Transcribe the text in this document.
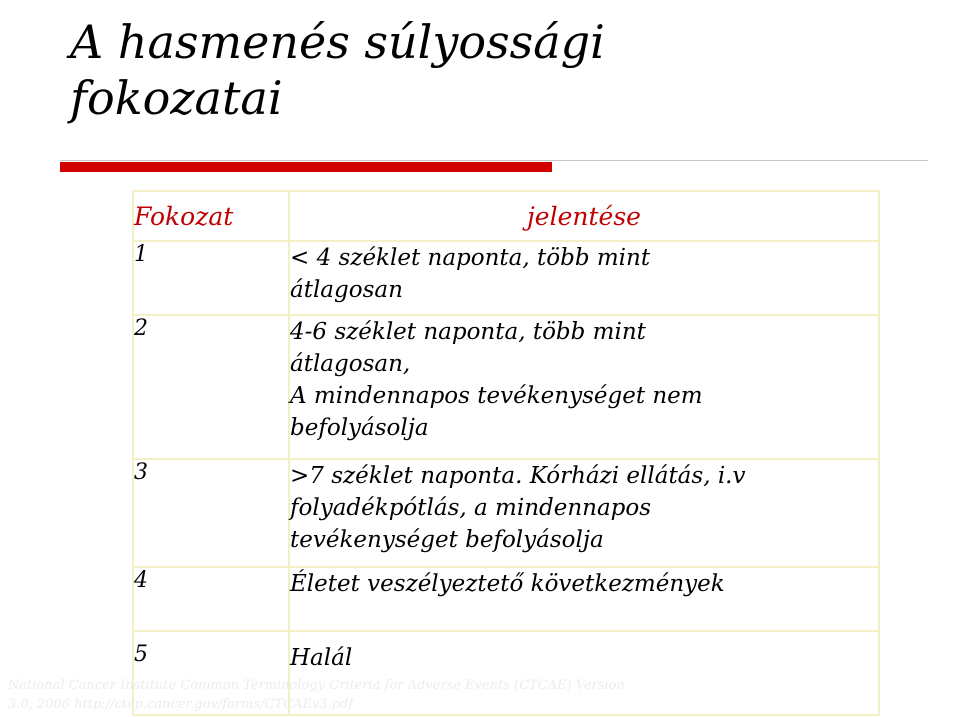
A hasmenés súlyossági
fokozatai
Fokozat	jelentése
1	< 4 széklet naponta, több mint
átlagosan

2	4-6 széklet naponta, több mint
átlagosan,
A mindennapos tevékenységet nem
befolyásolja

3	>7 széklet naponta. Kórházi ellátás, i.v
folyadékpótlás, a mindennapos
tevékenységet befolyásolja

4	Életet veszélyeztető következmények

5	Halál
National Cancer Institute Common Terminology Criteria for Adverse Events (CTCAE) Version
3.0, 2006 http://ctep.cancer.gov/forms/CTCAEv3.pdf
